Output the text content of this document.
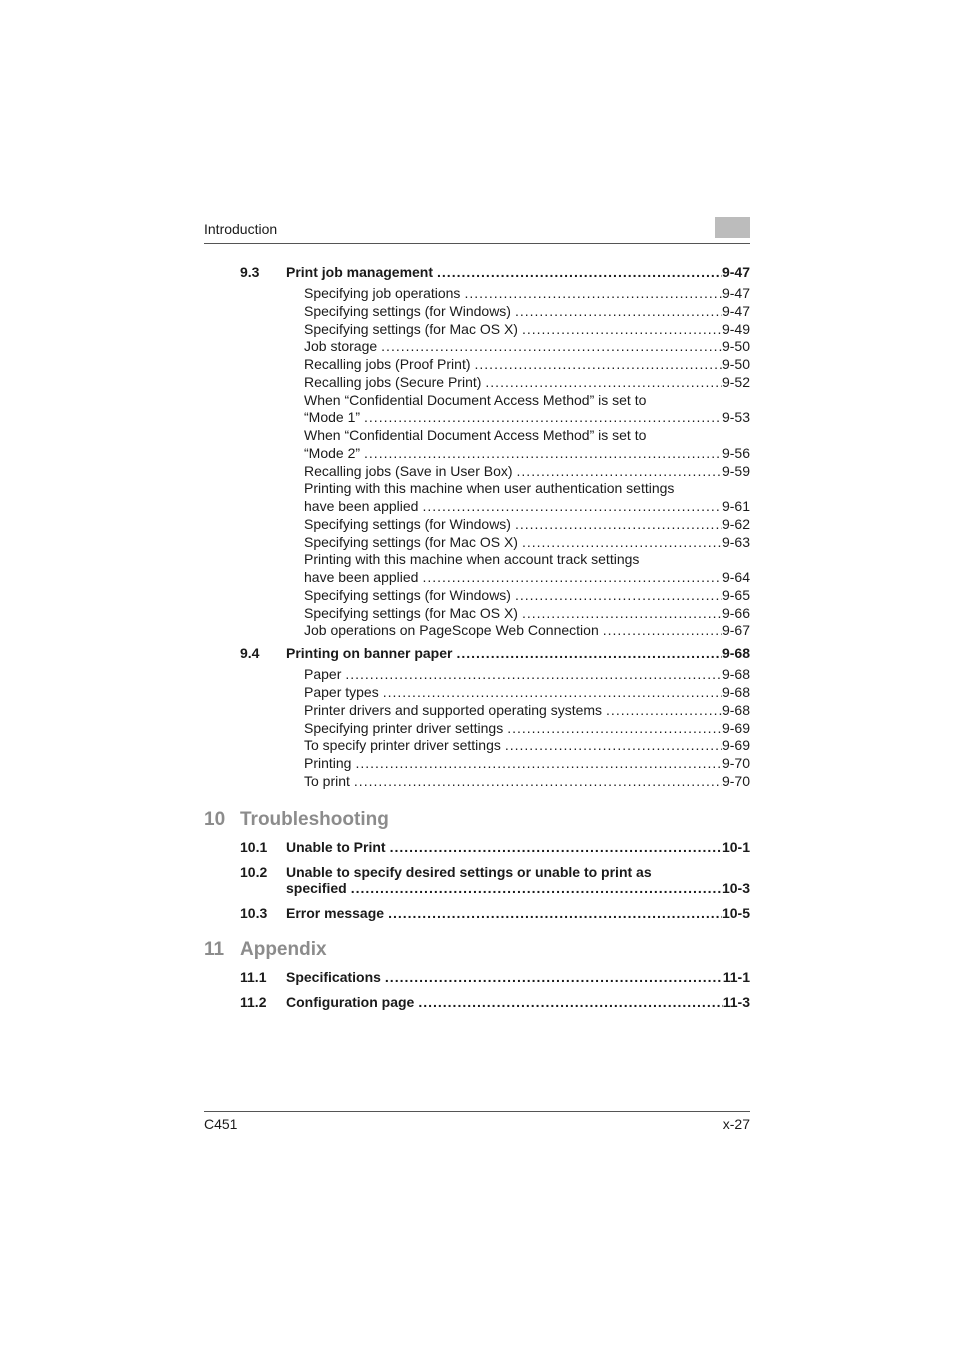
Introduction
9.3	Print job management .....	9-47
Specifying job operations .....	9-47
Specifying settings (for Windows) .....	9-47
Specifying settings (for Mac OS X) .....	9-49
Job storage .....	9-50
Recalling jobs (Proof Print) .....	9-50
Recalling jobs (Secure Print) .....	9-52
When “Confidential Document Access Method” is set to
“Mode 1” .....	9-53
When “Confidential Document Access Method” is set to
“Mode 2” .....	9-56
Recalling jobs (Save in User Box) .....	9-59
Printing with this machine when user authentication settings
have been applied .....	9-61
Specifying settings (for Windows) .....	9-62
Specifying settings (for Mac OS X) .....	9-63
Printing with this machine when account track settings
have been applied .....	9-64
Specifying settings (for Windows) .....	9-65
Specifying settings (for Mac OS X) .....	9-66
Job operations on PageScope Web Connection .....	9-67
9.4	Printing on banner paper .....	9-68
Paper .....	9-68
Paper types .....	9-68
Printer drivers and supported operating systems .....	9-68
Specifying printer driver settings .....	9-69
To specify printer driver settings .....	9-69
Printing .....	9-70
To print .....	9-70
10 Troubleshooting
10.1	Unable to Print .....	10-1
10.2	Unable to specify desired settings or unable to print as
specified .....	10-3
10.3	Error message .....	10-5
11 Appendix
11.1	Specifications .....	11-1
11.2	Configuration page .....	11-3
C451	x-27
